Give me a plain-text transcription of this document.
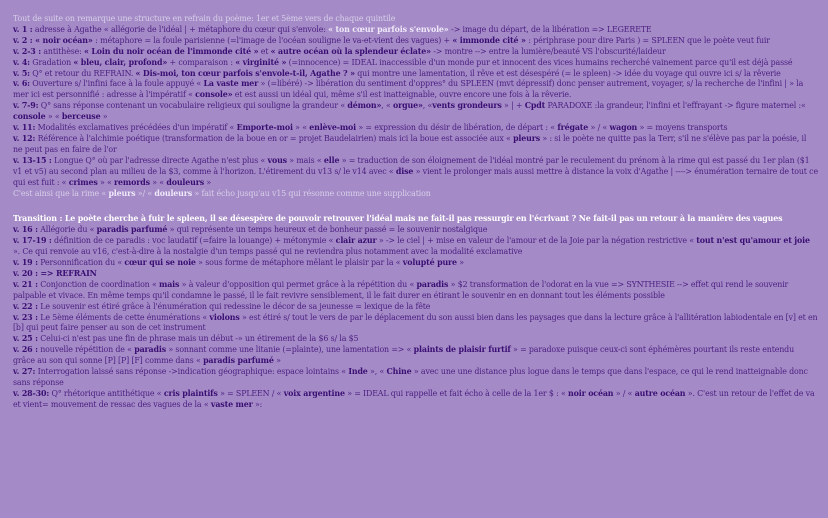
Tout de suite on remarque une structure en refrain du poème: 1er et 5ème vers de chaque quintile

v. 1 : adresse à Agathe « allégorie de l'idéal | + métaphore du cœur qui s'envole: « ton cœur parfois s'envole» -> image du départ, de la libération => LEGERETE

v. 2 : « noir océan» : métaphore = la foule parisienne (=l'image de l'océan souligne le va-et-vient des vagues) + « immonde cité » : périphrase pour dire Paris ) = SPLEEN que le poète veut fuir

v. 2-3 : antithèse: « Loin du noir océan de l'immonde cité » et « autre océan où la splendeur éclate» -> montre --> entre la lumière/beauté VS l'obscurité/laideur

v. 4: Gradation « bleu, clair, profond» + comparaison : « virginité » (=innocence) = IDEAL inaccessible d'un monde pur et innocent des vices humains recherché vainement parce qu'il est déjà passé

v. 5: Q° et retour du REFRAIN. « Dis-moi, ton cœur parfois s'envole-t-il, Agathe ? » qui montre une lamentation, il rêve et est désespéré (= le spleen) -> idée du voyage qui ouvre ici s/ la rêverie

v. 6: Ouverture s/ l'infini face à la foule appuyé « La vaste mer » (=libéré) -> libération du sentiment d'oppres° du SPLEEN (mvt dépressif) donc penser autrement, voyager, s/ la recherche de l'infini | » la mer ici est personnifié : adresse à l'impératif « console» et est aussi un idéal qui, même s'il est inatteignable, ouvre encore une fois à la rêverie.

v. 7-9: Q° sans réponse contenant un vocabulaire religieux qui souligne la grandeur « démon», « orgue», «vents grondeurs » | + Cpdt PARADOXE :la grandeur, l'infini et l'effrayant -> figure maternel :« console » « berceuse »

v. 11: Modalités exclamatives précédées d'un impératif « Emporte-moi » « enlève-moi » = expression du désir de libération, de départ : « frégate » / « wagon » = moyens transports

v. 12: Référence à l'alchimie poétique (transformation de la boue en or = projet Baudelairien) mais ici la boue est associée aux « pleurs » : si le poète ne quitte pas la Terr, s'il ne s'élève pas par la poésie, il ne peut pas en faire de l'or

v. 13-15 : Longue Q° où par l'adresse directe Agathe n'est plus « vous » mais « elle » = traduction de son éloignement de l'idéal montré par le reculement du prénom à la rime qui est passé du 1er plan ($1 v1 et v5) au second plan au milieu de la $3, comme à l'horizon. L'étirement du v13 s/ le v14 avec « dise » vient le prolonger mais aussi mettre à distance la voix d'Agathe | ----> énumération ternaire de tout ce qui est fuit : « crimes » « remords » « douleurs »

C'est ainsi que la rime « pleurs »/ « douleurs » fait écho jusqu'au v15 qui résonne comme une supplication

Transition : Le poète cherche à fuir le spleen, il se désespère de pouvoir retrouver l'idéal mais ne fait-il pas ressurgir en l'écrivant ? Ne fait-il pas un retour à la manière des vagues

v. 16 : Allégorie du « paradis parfumé » qui représente un temps heureux et de bonheur passé = le souvenir nostalgique

v. 17-19 : définition de ce paradis : voc laudatif (=faire la louange) + métonymie « clair azur » -> le ciel | + mise en valeur de l'amour et de la Joie par la négation restrictive « tout n'est qu'amour et joie ». Ce qui renvoie au v16, c'est-à-dire à la nostalgie d'un temps passé qui ne reviendra plus notamment avec la modalité exclamative

v. 19 : Personnification du « cœur qui se noie » sous forme de métaphore mêlant le plaisir par la « volupté pure »

v. 20 : => REFRAIN

v. 21 : Conjonction de coordination « mais » à valeur d'opposition qui permet grâce à la répétition du « paradis » $2 transformation de l'odorat en la vue => SYNTHESIE --> effet qui rend le souvenir palpable et vivace. En même temps qu'il condamne le passé, il le fait revivre sensiblement, il le fait durer en étirant le souvenir en en donnant tout les éléments possible

v. 22 : Le souvenir est étiré grâce à l'énumération qui redessine le décor de sa jeunesse = lexique de la fête

v. 23 : Le 5ème éléments de cette énumérations « violons » est étiré s/ tout le vers de par le déplacement du son aussi bien dans les paysages que dans la lecture grâce à l'allitération labiodentale en [v] et en [b] qui peut faire penser au son de cet instrument

v. 25 : Celui-ci n'est pas une fin de phrase mais un début -» un étirement de la $6 s/ la $5

v. 26 : nouvelle répétition de « paradis » sonnant comme une litanie (=plainte), une lamentation => « plaints de plaisir furtif » = paradoxe puisque ceux-ci sont éphémères pourtant ils reste entendu grâce au son qui sonne [P] [P] [F] comme dans « paradis parfumé »

v. 27: Interrogation laissé sans réponse ->indication géographique: espace lointains « Inde », « Chine » avec une une distance plus logue dans le temps que dans l'espace, ce qui le rend inatteignable donc sans réponse

v. 28-30: Q° rhétorique antithétique « cris plaintifs » = SPLEEN / « voix argentine » = IDEAL qui rappelle et fait écho à celle de la 1er $ : « noir océan » / « autre océan ». C'est un retour de l'effet de va et vient= mouvement de ressac des vagues de la « vaste mer »:
